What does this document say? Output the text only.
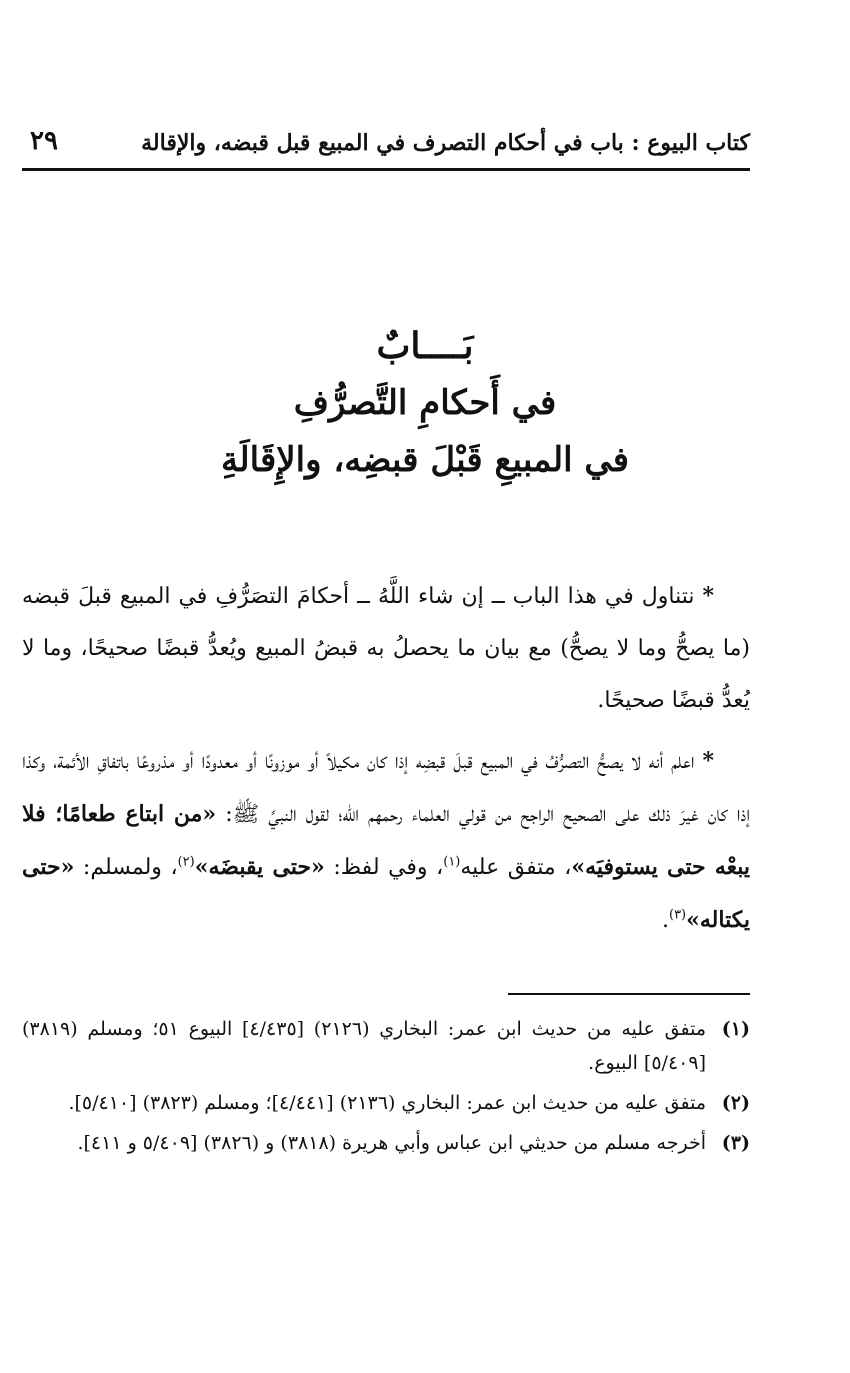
كتاب البيوع : باب في أحكام التصرف في المبيع قبل قبضه، والإقالة
٢٩
بَــــابٌ
في أَحكامِ التَّصرُّفِ
في المبيعِ قَبْلَ قبضِه، والإِقَالَةِ

*نتناول في هذا الباب ــ إن شاء اللَّهُ ــ أحكامَ التصَرُّفِ في المبيع قبلَ قبضه (ما يصحُّ وما لا يصحُّ) مع بيان ما يحصلُ به قبضُ المبيع ويُعدُّ قبضًا صحيحًا، وما لا يُعدُّ قبضًا صحيحًا.

*اعلم أنه لا يصحُّ التصرُّفُ في المبيع قبلَ قبضِه إذا كان مكيلاً أو موزونًا أو معدودًا أو مذروعًا باتفاقِ الأئمة، وكذا إذا كان غيرَ ذلك على الصحيح الراجح من قولي العلماء رحمهم الله؛ لقول النبيِّ ﷺ: «من ابتاع طعامًا؛ فلا يبعْه حتى يستوفيَه»، متفق عليه$^{(١)}$، وفي لفظ: «حتى يقبضَه»$^{(٢)}$، ولمسلم: «حتى يكتاله»$^{(٣)}$.

(١)
متفق عليه من حديث ابن عمر: البخاري (٢١٢٦) [٤/٤٣٥] البيوع ٥١؛ ومسلم (٣٨١٩) [٥/٤٠٩] البيوع.
(٢)
متفق عليه من حديث ابن عمر: البخاري (٢١٣٦) [٤/٤٤١]؛ ومسلم (٣٨٢٣) [٥/٤١٠].
(٣)
أخرجه مسلم من حديثي ابن عباس وأبي هريرة (٣٨١٨) و (٣٨٢٦) [٥/٤٠٩ و ٤١١].
